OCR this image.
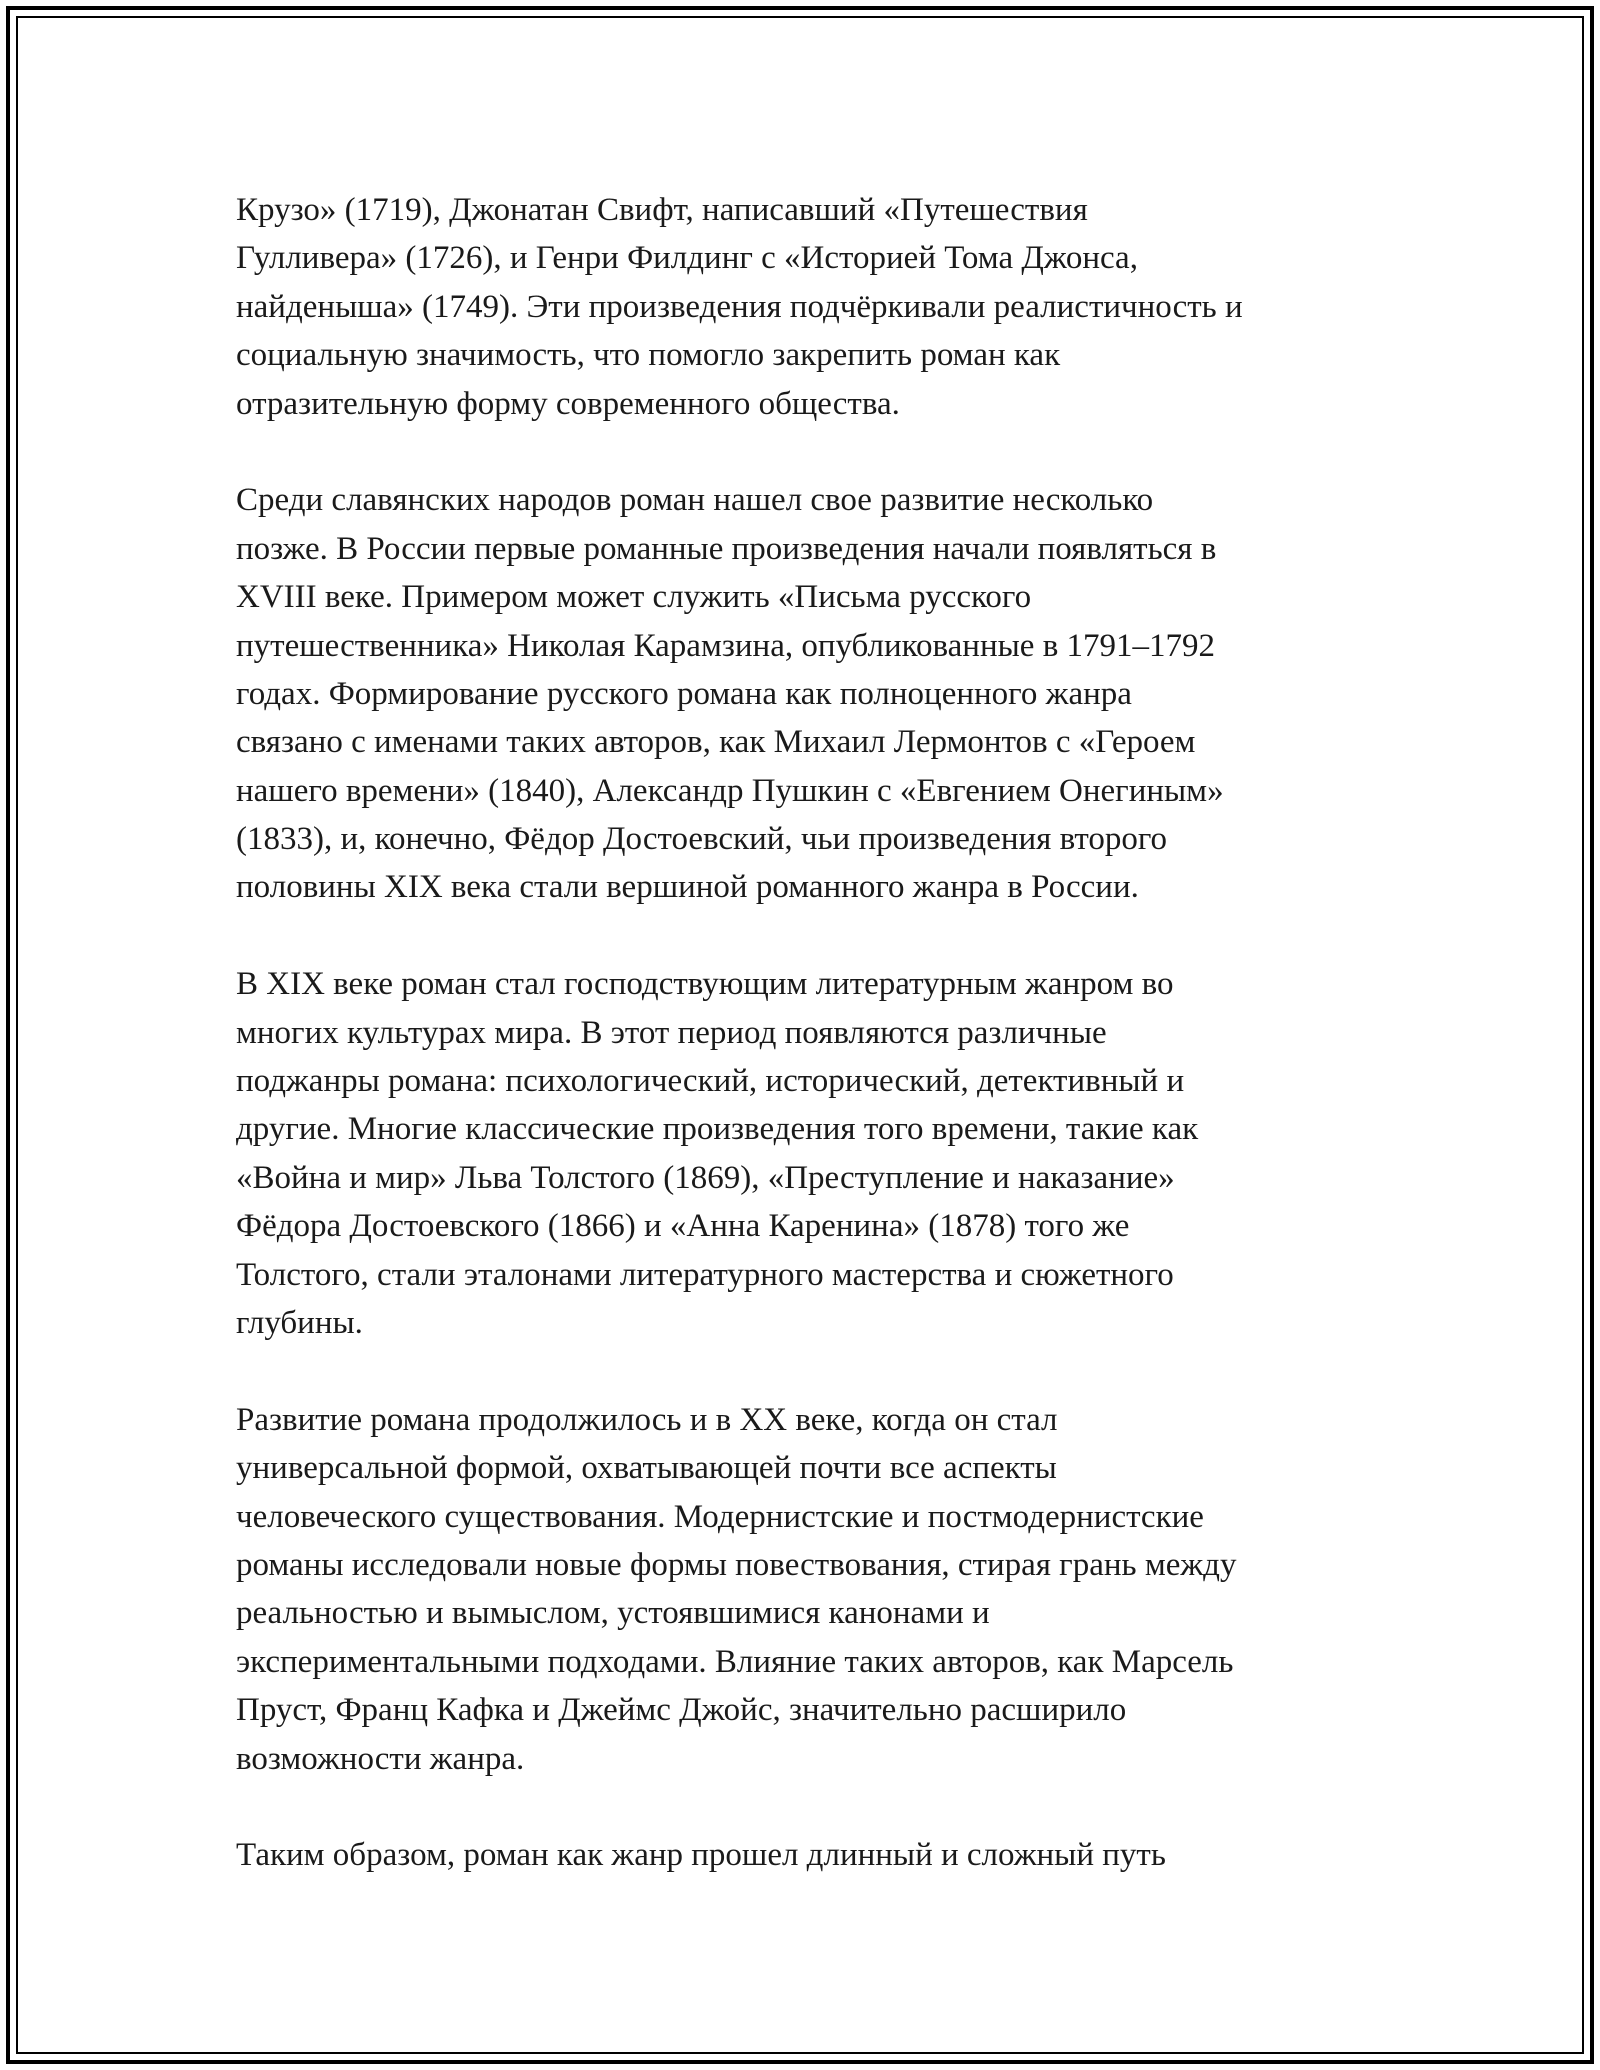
Крузо» (1719), Джонатан Свифт, написавший «Путешествия
Гулливера» (1726), и Генри Филдинг с «Историей Тома Джонса,
найденыша» (1749). Эти произведения подчёркивали реалистичность и
социальную значимость, что помогло закрепить роман как
отразительную форму современного общества.

Среди славянских народов роман нашел свое развитие несколько
позже. В России первые романные произведения начали появляться в
XVIII веке. Примером может служить «Письма русского
путешественника» Николая Карамзина, опубликованные в 1791–1792
годах. Формирование русского романа как полноценного жанра
связано с именами таких авторов, как Михаил Лермонтов с «Героем
нашего времени» (1840), Александр Пушкин с «Евгением Онегиным»
(1833), и, конечно, Фёдор Достоевский, чьи произведения второго
половины XIX века стали вершиной романного жанра в России.

В XIX веке роман стал господствующим литературным жанром во
многих культурах мира. В этот период появляются различные
поджанры романа: психологический, исторический, детективный и
другие. Многие классические произведения того времени, такие как
«Война и мир» Льва Толстого (1869), «Преступление и наказание»
Фёдора Достоевского (1866) и «Анна Каренина» (1878) того же
Толстого, стали эталонами литературного мастерства и сюжетного
глубины.

Развитие романа продолжилось и в XX веке, когда он стал
универсальной формой, охватывающей почти все аспекты
человеческого существования. Модернистские и постмодернистские
романы исследовали новые формы повествования, стирая грань между
реальностью и вымыслом, устоявшимися канонами и
экспериментальными подходами. Влияние таких авторов, как Марсель
Пруст, Франц Кафка и Джеймс Джойс, значительно расширило
возможности жанра.

Таким образом, роман как жанр прошел длинный и сложный путь
